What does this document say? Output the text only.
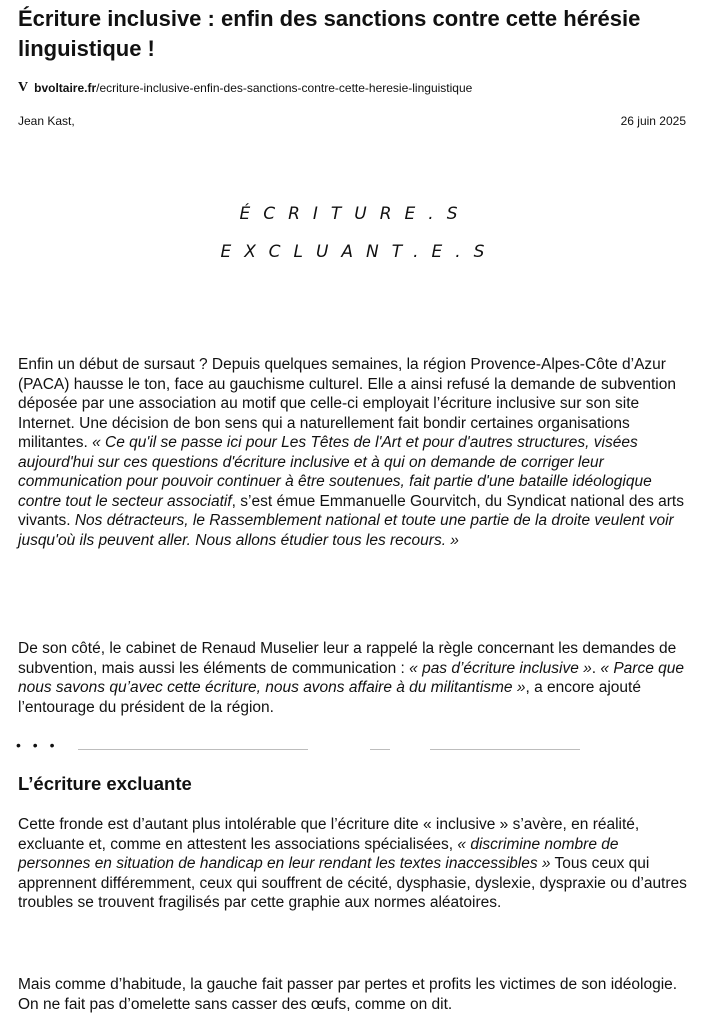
Écriture inclusive : enfin des sanctions contre cette hérésie linguistique !
V bvoltaire.fr /ecriture-inclusive-enfin-des-sanctions-contre-cette-heresie-linguistique
Jean Kast,	26 juin 2025
ÉCRITURE.S
EXCLUANT.E.S

Enfin un début de sursaut ? Depuis quelques semaines, la région Provence-Alpes-Côte d’Azur (PACA) hausse le ton, face au gauchisme culturel. Elle a ainsi refusé la demande de subvention déposée par une association au motif que celle-ci employait l’écriture inclusive sur son site Internet. Une décision de bon sens qui a naturellement fait bondir certaines organisations militantes. « Ce qu'il se passe ici pour Les Têtes de l'Art et pour d'autres structures, visées aujourd'hui sur ces questions d'écriture inclusive et à qui on demande de corriger leur communication pour pouvoir continuer à être soutenues, fait partie d'une bataille idéologique contre tout le secteur associatif, s’est émue Emmanuelle Gourvitch, du Syndicat national des arts vivants. Nos détracteurs, le Rassemblement national et toute une partie de la droite veulent voir jusqu'où ils peuvent aller. Nous allons étudier tous les recours. »

De son côté, le cabinet de Renaud Muselier leur a rappelé la règle concernant les demandes de subvention, mais aussi les éléments de communication : « pas d’écriture inclusive ». « Parce que nous savons qu’avec cette écriture, nous avons affaire à du militantisme », a encore ajouté l’entourage du président de la région.

• • •
L’écriture excluante

Cette fronde est d’autant plus intolérable que l’écriture dite « inclusive » s’avère, en réalité, excluante et, comme en attestent les associations spécialisées, « discrimine nombre de personnes en situation de handicap en leur rendant les textes inaccessibles » Tous ceux qui apprennent différemment, ceux qui souffrent de cécité, dysphasie, dyslexie, dyspraxie ou d’autres troubles se trouvent fragilisés par cette graphie aux normes aléatoires.

Mais comme d’habitude, la gauche fait passer par pertes et profits les victimes de son idéologie. On ne fait pas d’omelette sans casser des œufs, comme on dit.
